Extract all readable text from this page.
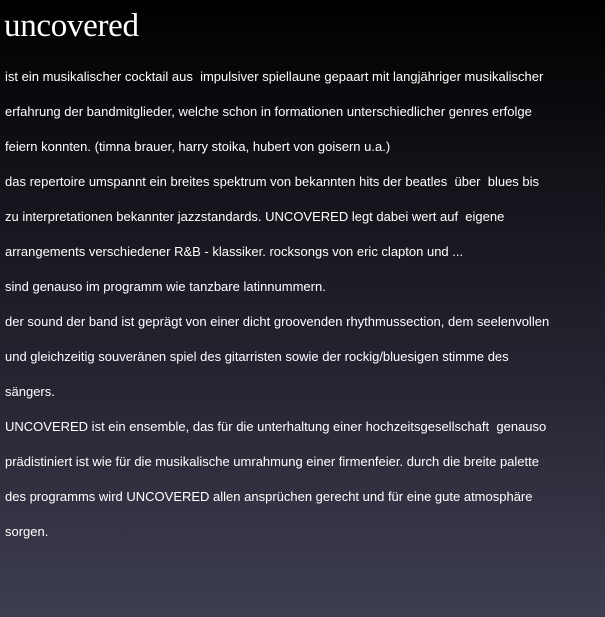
uncovered
ist ein musikalischer cocktail aus  impulsiver spiellaune gepaart mit langjähriger musikalischer
erfahrung der bandmitglieder, welche schon in formationen unterschiedlicher genres erfolge
feiern konnten. (timna brauer, harry stoika, hubert von goisern u.a.)
das repertoire umspannt ein breites spektrum von bekannten hits der beatles  über  blues bis
zu interpretationen bekannter jazzstandards. UNCOVERED legt dabei wert auf  eigene
arrangements verschiedener R&B - klassiker. rocksongs von eric clapton und ...
sind genauso im programm wie tanzbare latinnummern.
der sound der band ist geprägt von einer dicht groovenden rhythmussection, dem seelenvollen
und gleichzeitig souveränen spiel des gitarristen sowie der rockig/bluesigen stimme des
sängers.
UNCOVERED ist ein ensemble, das für die unterhaltung einer hochzeitsgesellschaft  genauso
prädistiniert ist wie für die musikalische umrahmung einer firmenfeier. durch die breite palette
des programms wird UNCOVERED allen ansprüchen gerecht und für eine gute atmosphäre
sorgen.
